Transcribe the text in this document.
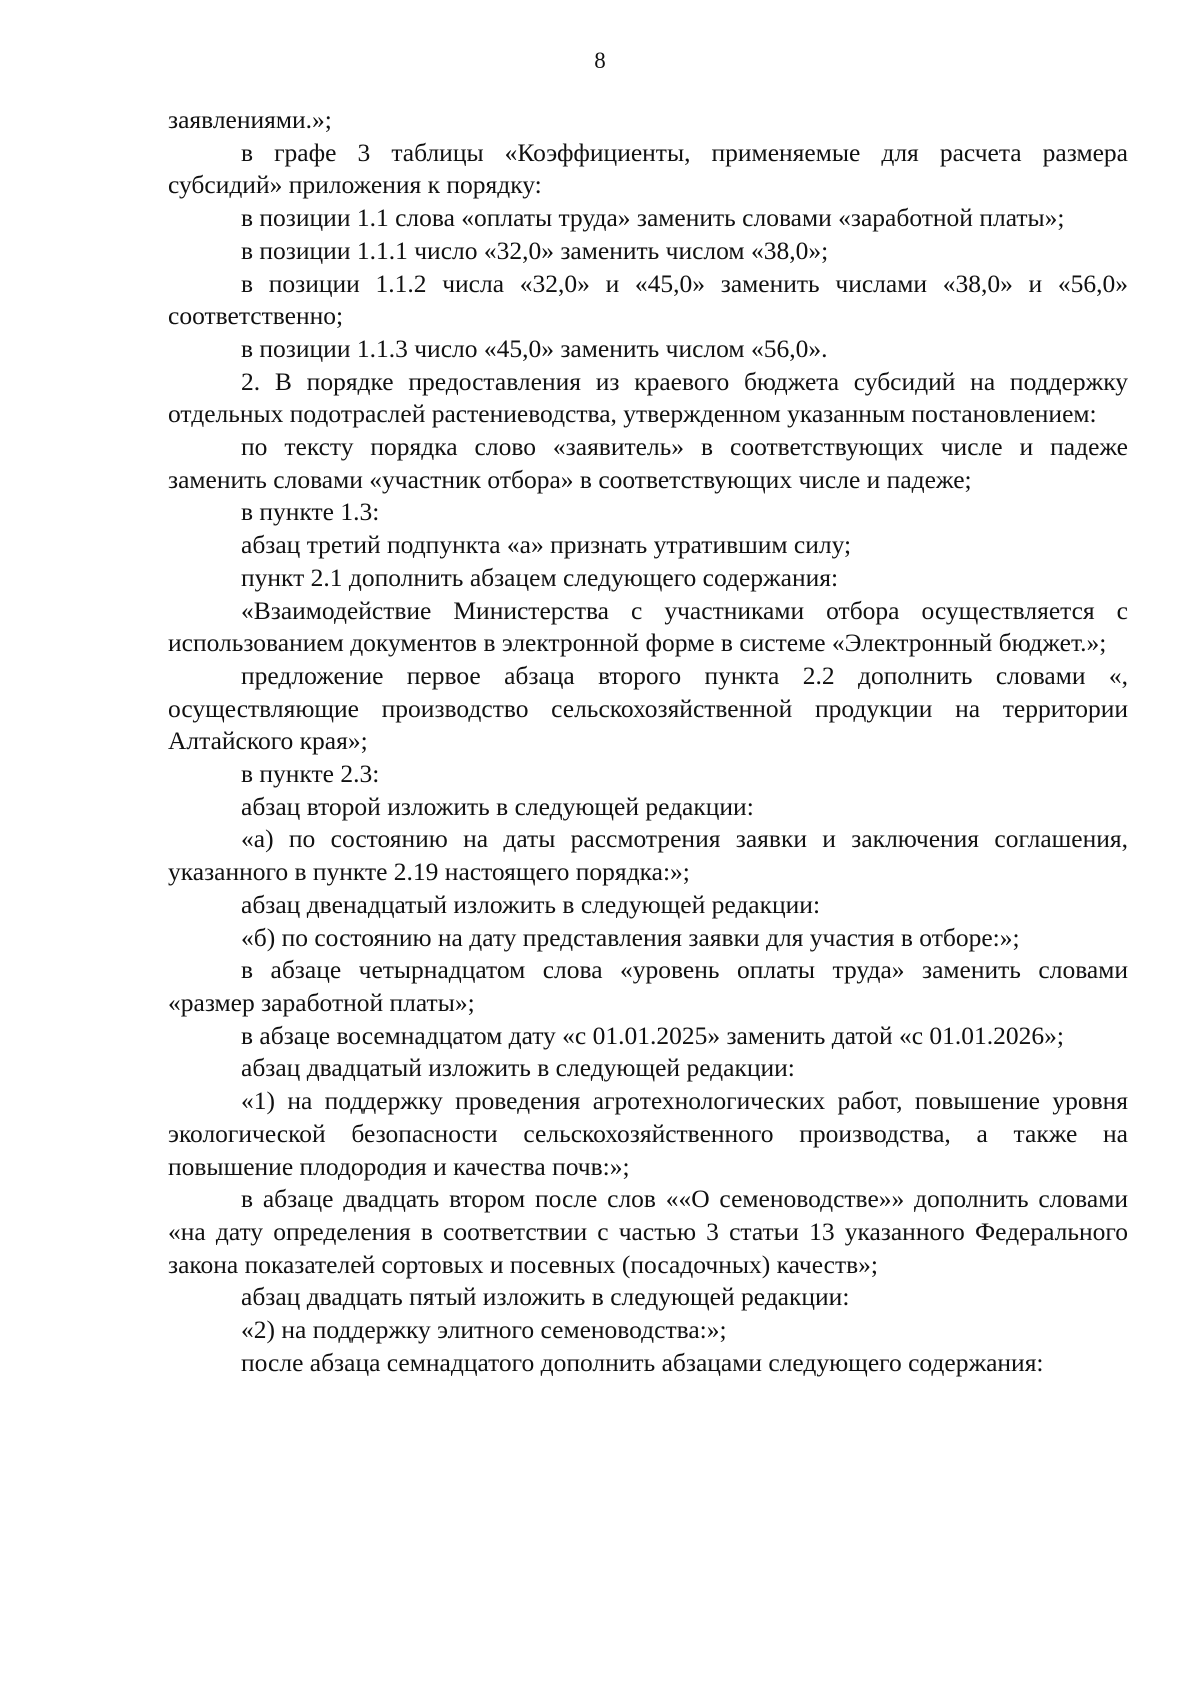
8

заявлениями.»;

в графе 3 таблицы «Коэффициенты, применяемые для расчета размера субсидий» приложения к порядку:

в позиции 1.1 слова «оплаты труда» заменить словами «заработной платы»;

в позиции 1.1.1 число «32,0» заменить числом «38,0»;

в позиции 1.1.2 числа «32,0» и «45,0» заменить числами «38,0» и «56,0» соответственно;

в позиции 1.1.3 число «45,0» заменить числом «56,0».

2. В порядке предоставления из краевого бюджета субсидий на поддержку отдельных подотраслей растениеводства, утвержденном указанным постановлением:

по тексту порядка слово «заявитель» в соответствующих числе и падеже заменить словами «участник отбора» в соответствующих числе и падеже;

в пункте 1.3:

абзац третий подпункта «а» признать утратившим силу;

пункт 2.1 дополнить абзацем следующего содержания:

«Взаимодействие Министерства с участниками отбора осуществляется с использованием документов в электронной форме в системе «Электронный бюджет.»;

предложение первое абзаца второго пункта 2.2 дополнить словами «, осуществляющие производство сельскохозяйственной продукции на территории Алтайского края»;

в пункте 2.3:

абзац второй изложить в следующей редакции:

«а) по состоянию на даты рассмотрения заявки и заключения соглашения, указанного в пункте 2.19 настоящего порядка:»;

абзац двенадцатый изложить в следующей редакции:

«б) по состоянию на дату представления заявки для участия в отборе:»;

в абзаце четырнадцатом слова «уровень оплаты труда» заменить словами «размер заработной платы»;

в абзаце восемнадцатом дату «с 01.01.2025» заменить датой «с 01.01.2026»;

абзац двадцатый изложить в следующей редакции:

«1) на поддержку проведения агротехнологических работ, повышение уровня экологической безопасности сельскохозяйственного производства, а также на повышение плодородия и качества почв:»;

в абзаце двадцать втором после слов ««О семеноводстве»» дополнить словами «на дату определения в соответствии с частью 3 статьи 13 указанного Федерального закона показателей сортовых и посевных (посадочных) качеств»;

абзац двадцать пятый изложить в следующей редакции:

«2) на поддержку элитного семеноводства:»;

после абзаца семнадцатого дополнить абзацами следующего содержания:
